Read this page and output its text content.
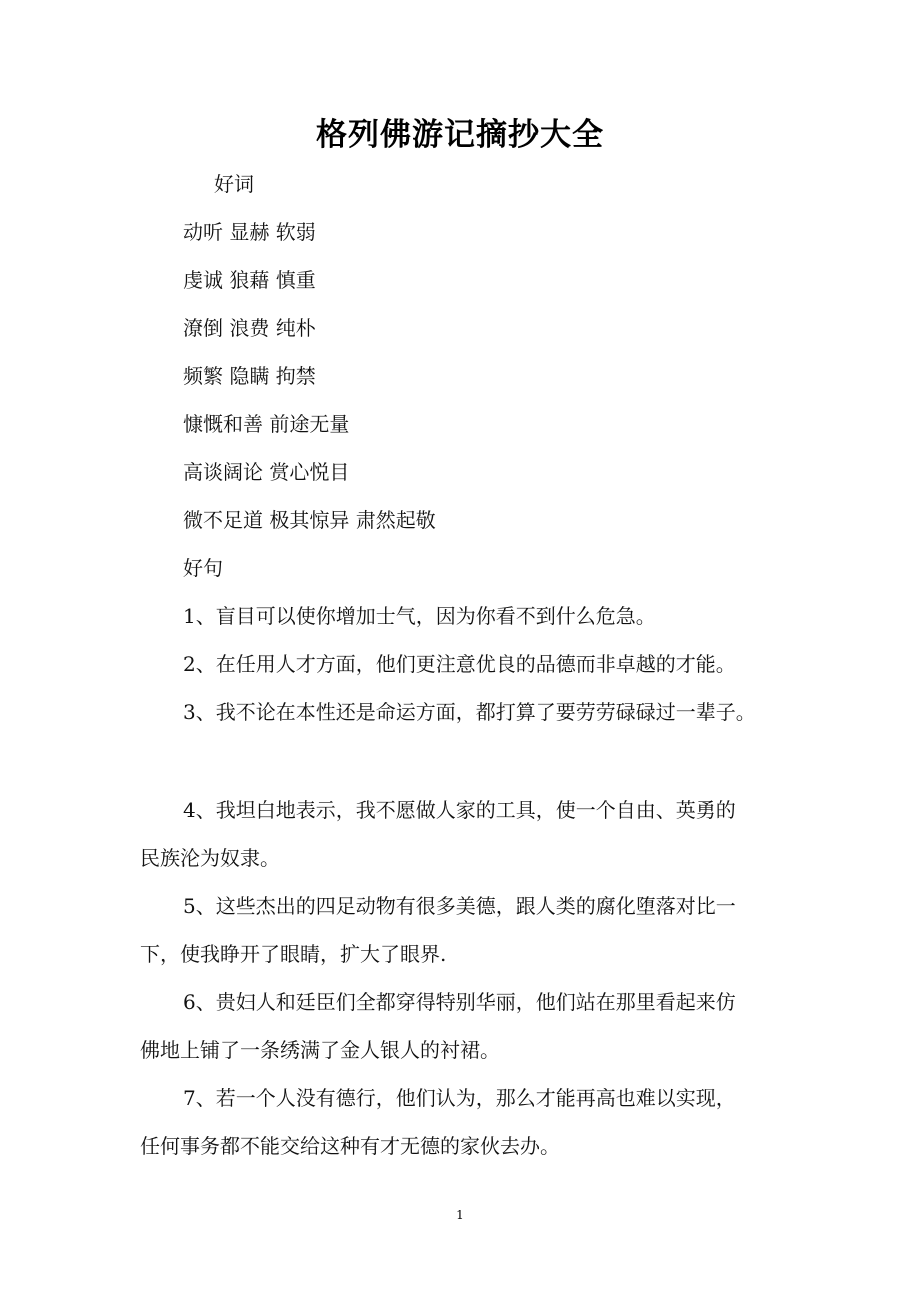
格列佛游记摘抄大全
好词
动听 显赫 软弱
虔诚 狼藉 慎重
潦倒 浪费 纯朴
频繁 隐瞒 拘禁
慷慨和善 前途无量
高谈阔论 赏心悦目
微不足道 极其惊异 肃然起敬
好句
1、盲目可以使你增加士气，因为你看不到什么危急。
2、在任用人才方面，他们更注意优良的品德而非卓越的才能。
3、我不论在本性还是命运方面，都打算了要劳劳碌碌过一辈子。
4、我坦白地表示，我不愿做人家的工具，使一个自由、英勇的
民族沦为奴隶。
5、这些杰出的四足动物有很多美德，跟人类的腐化堕落对比一
下，使我睁开了眼睛，扩大了眼界.
6、贵妇人和廷臣们全都穿得特别华丽，他们站在那里看起来仿
佛地上铺了一条绣满了金人银人的衬裙。
7、若一个人没有德行，他们认为，那么才能再高也难以实现，
任何事务都不能交给这种有才无德的家伙去办。
1
